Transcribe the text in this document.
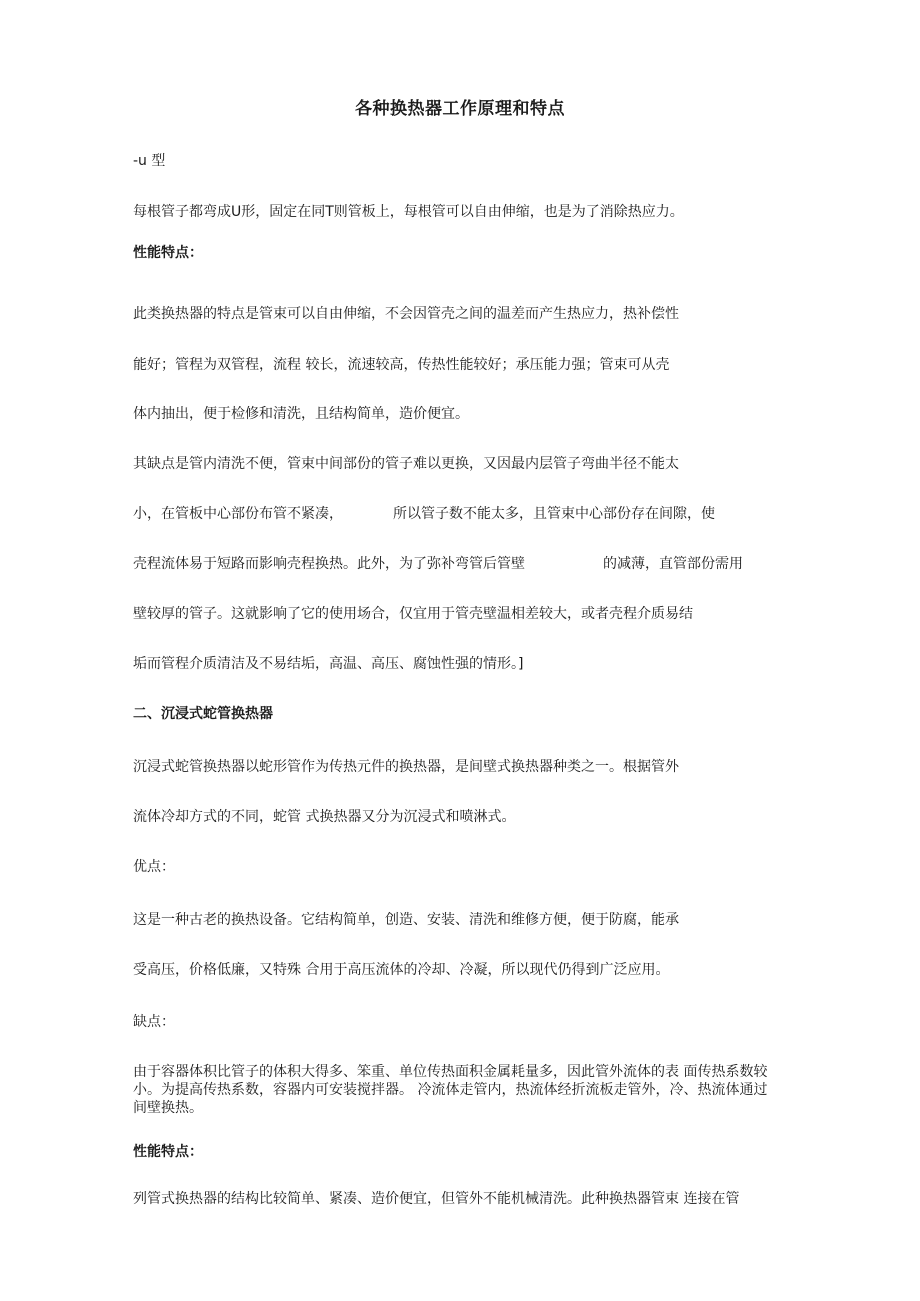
各种换热器工作原理和特点

-u 型

每根管子都弯成U形，固定在同T则管板上，每根管可以自由伸缩，也是为了消除热应力。

性能特点：

此类换热器的特点是管束可以自由伸缩，不会因管壳之间的温差而产生热应力，热补偿性

能好；管程为双管程，流程 较长，流速较高，传热性能较好；承压能力强；管束可从壳

体内抽出，便于检修和清洗，且结构简单，造价便宜。

其缺点是管内清洗不便，管束中间部份的管子难以更换，又因最内层管子弯曲半径不能太

小，在管板中心部份布管不紧凑，	所以管子数不能太多，且管束中心部份存在间隙，使

壳程流体易于短路而影响壳程换热。此外，为了弥补弯管后管壁	的减薄，直管部份需用

壁较厚的管子。这就影响了它的使用场合，仅宜用于管壳壁温相差较大，或者壳程介质易结

垢而管程介质清洁及不易结垢，高温、高压、腐蚀性强的情形。]

二、沉浸式蛇管换热器

沉浸式蛇管换热器以蛇形管作为传热元件的换热器，是间壁式换热器种类之一。根据管外

流体冷却方式的不同，蛇管 式换热器又分为沉浸式和喷淋式。

优点：

这是一种古老的换热设备。它结构简单，创造、安装、清洗和维修方便，便于防腐，能承

受高压，价格低廉，又特殊 合用于高压流体的冷却、冷凝，所以现代仍得到广泛应用。

缺点：

由于容器体积比管子的体积大得多、笨重、单位传热面积金属耗量多，因此管外流体的表 面传热系数较小。为提高传热系数，容器内可安装搅拌器。 冷流体走管内，热流体经折流板走管外，冷、热流体通过间壁换热。

性能特点：

列管式换热器的结构比较简单、紧凑、造价便宜，但管外不能机械清洗。此种换热器管束 连接在管
